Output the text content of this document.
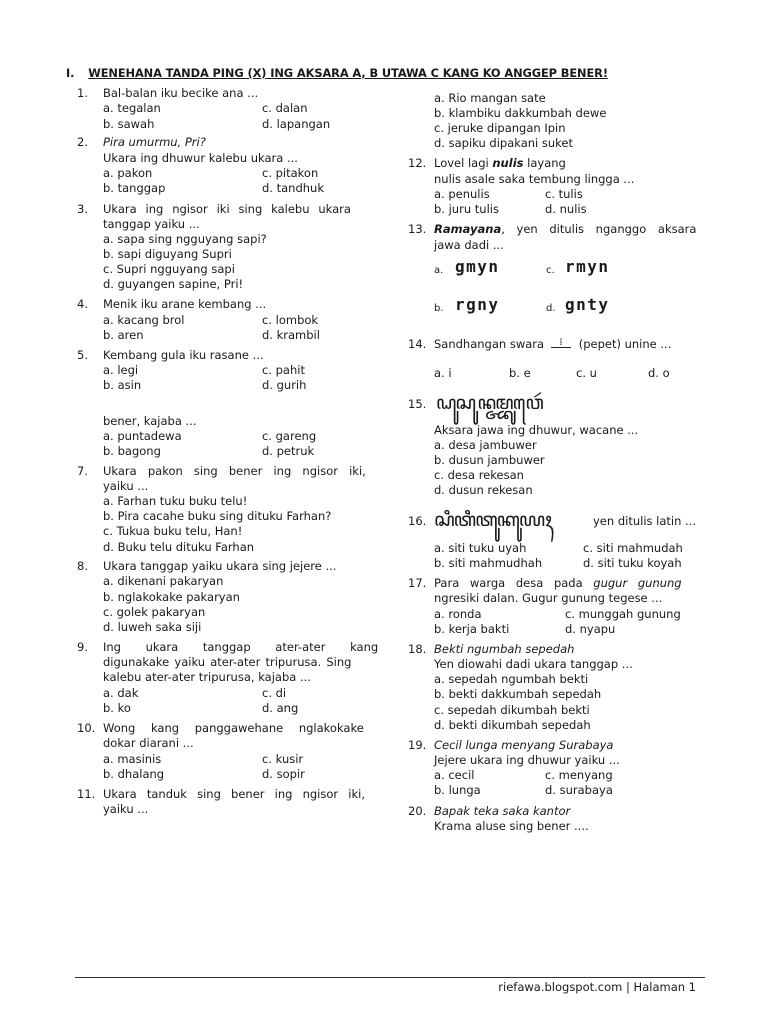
I. WENEHANA TANDA PING (X) ING AKSARA A, B UTAWA C KANG KO ANGGEP BENER!
1. Bal-balan iku becike ana ...
a. tegalan	c. dalan
b. sawah	d. lapangan
2. Pira umurmu, Pri?
Ukara ing dhuwur kalebu ukara ...
a. pakon	c. pitakon
b. tanggap	d. tandhuk
3. Ukara ing ngisor iki sing kalebu ukara
tanggap yaiku ...
a. sapa sing ngguyang sapi?
b. sapi diguyang Supri
c. Supri ngguyang sapi
d. guyangen sapine, Pri!
4. Menik iku arane kembang ...
a. kacang brol	c. lombok
b. aren	d. krambil
5. Kembang gula iku rasane ...
a. legi	c. pahit
b. asin	d. gurih
bener, kajaba ...
a. puntadewa	c. gareng
b. bagong	d. petruk
7. Ukara pakon sing bener ing ngisor iki,
yaiku ...
a. Farhan tuku buku telu!
b. Pira cacahe buku sing dituku Farhan?
c. Tukua buku telu, Han!
d. Buku telu dituku Farhan
8. Ukara tanggap yaiku ukara sing jejere ...
a. dikenani pakaryan
b. nglakokake pakaryan
c. golek pakaryan
d. luweh saka siji
9. Ing ukara tanggap ater-ater kang
digunakake yaiku ater-ater tripurusa. Sing
kalebu ater-ater tripurusa, kajaba ...
a. dak	c. di
b. ko	d. ang
10. Wong kang panggawehane nglakokake
dokar diarani ...
a. masinis	c. kusir
b. dhalang	d. sopir
11. Ukara tanduk sing bener ing ngisor iki,
yaiku ...
a. Rio mangan sate
b. klambiku dakkumbah dewe
c. jeruke dipangan Ipin
d. sapiku dipakani suket
12. Lovel lagi nulis layang
nulis asale saka tembung lingga ...
a. penulis	c. tulis
b. juru tulis	d. nulis
13. Ramayana, yen ditulis nganggo aksara
jawa dadi ...
a. gmyn	c. rmyn
b. rgny	d. gnty
14. Sandhangan swara ⁞	(pepet) unine ...
a. i	b. e	c. u	d. o
15. ꦝꦸꦱꦸꦤ꧀ꦗꦩ꧀ꦧꦸꦮꦺꦂ
Aksara jawa ing dhuwur, wacane ...
a. desa jambuwer
b. dusun jambuwer
c. desa rekesan
d. dusun rekesan
16. ꦱꦶꦠꦶꦠꦸꦏꦸꦪꦃ	yen ditulis latin ...
a. siti tuku uyah	c. siti mahmudah
b. siti mahmudhah	d. siti tuku koyah
17. Para warga desa pada gugur gunung
ngresiki dalan. Gugur gunung tegese ...
a. ronda	c. munggah gunung
b. kerja bakti	d. nyapu
18. Bekti ngumbah sepedah
Yen diowahi dadi ukara tanggap ...
a. sepedah ngumbah bekti
b. bekti dakkumbah sepedah
c. sepedah dikumbah bekti
d. bekti dikumbah sepedah
19. Cecil lunga menyang Surabaya
Jejere ukara ing dhuwur yaiku ...
a. cecil	c. menyang
b. lunga	d. surabaya
20. Bapak teka saka kantor
Krama aluse sing bener ....
riefawa.blogspot.com | Halaman 1
